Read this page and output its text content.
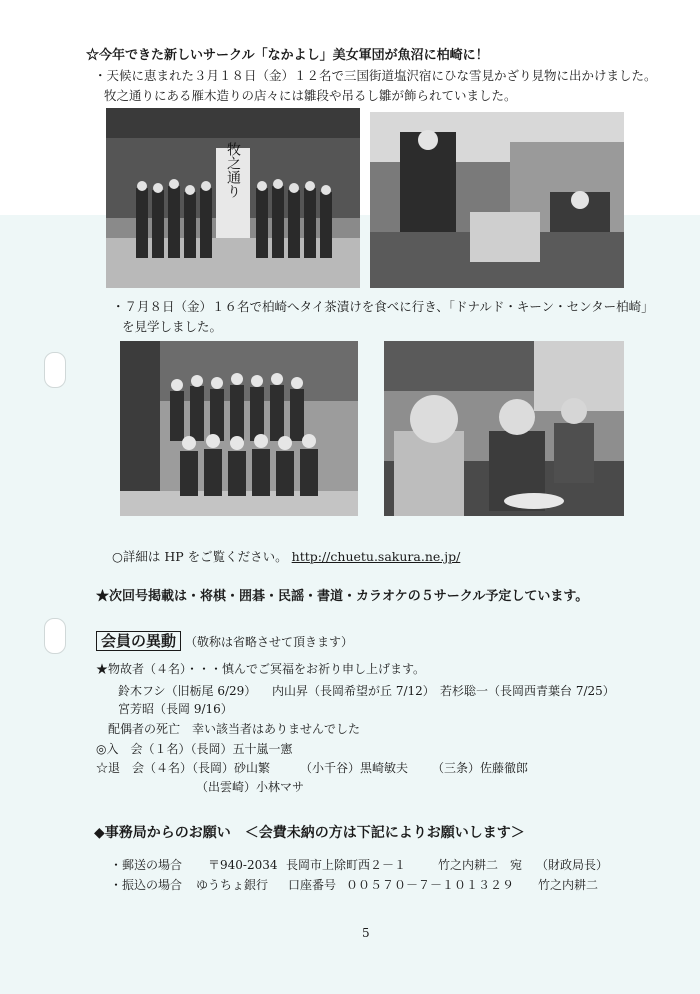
☆今年できた新しいサークル「なかよし」美女軍団が魚沼に柏崎に！
・天候に恵まれた３月１８日（金）１２名で三国街道塩沢宿にひな雪見かざり見物に出かけました。
牧之通りにある雁木造りの店々には雛段や吊るし雛が飾られていました。
牧之通り
・７月８日（金）１６名で柏崎へタイ茶漬けを食べに行き、「ドナルド・キーン・センター柏崎」
を見学しました。
○詳細は HP をご覧ください。 http://chuetu.sakura.ne.jp/
★次回号掲載は・将棋・囲碁・民謡・書道・カラオケの５サークル予定しています。
会員の異動 （敬称は省略させて頂きます）
★物故者（４名）・・・慎んでご冥福をお祈り申し上げます。
鈴木フシ（旧栃尾 6/29） 内山昇（長岡希望が丘 7/12） 若杉聡一（長岡西青葉台 7/25）
宮芳昭（長岡 9/16）
配偶者の死亡　幸い該当者はありませんでした
◎入　会（１名）（長岡）五十嵐一憲
☆退　会（４名）（長岡）砂山繁 （小千谷）黒崎敏夫 （三条）佐藤徹郎
（出雲崎）小林マサ
◆事務局からのお願い　＜会費未納の方は下記によりお願いします＞
・郵送の場合 〒940-2034 長岡市上除町西２－１	竹之内耕二　宛 （財政局長）
・振込の場合 ゆうちょ銀行 口座番号 ００５７０－７－１０１３２９ 竹之内耕二
5
